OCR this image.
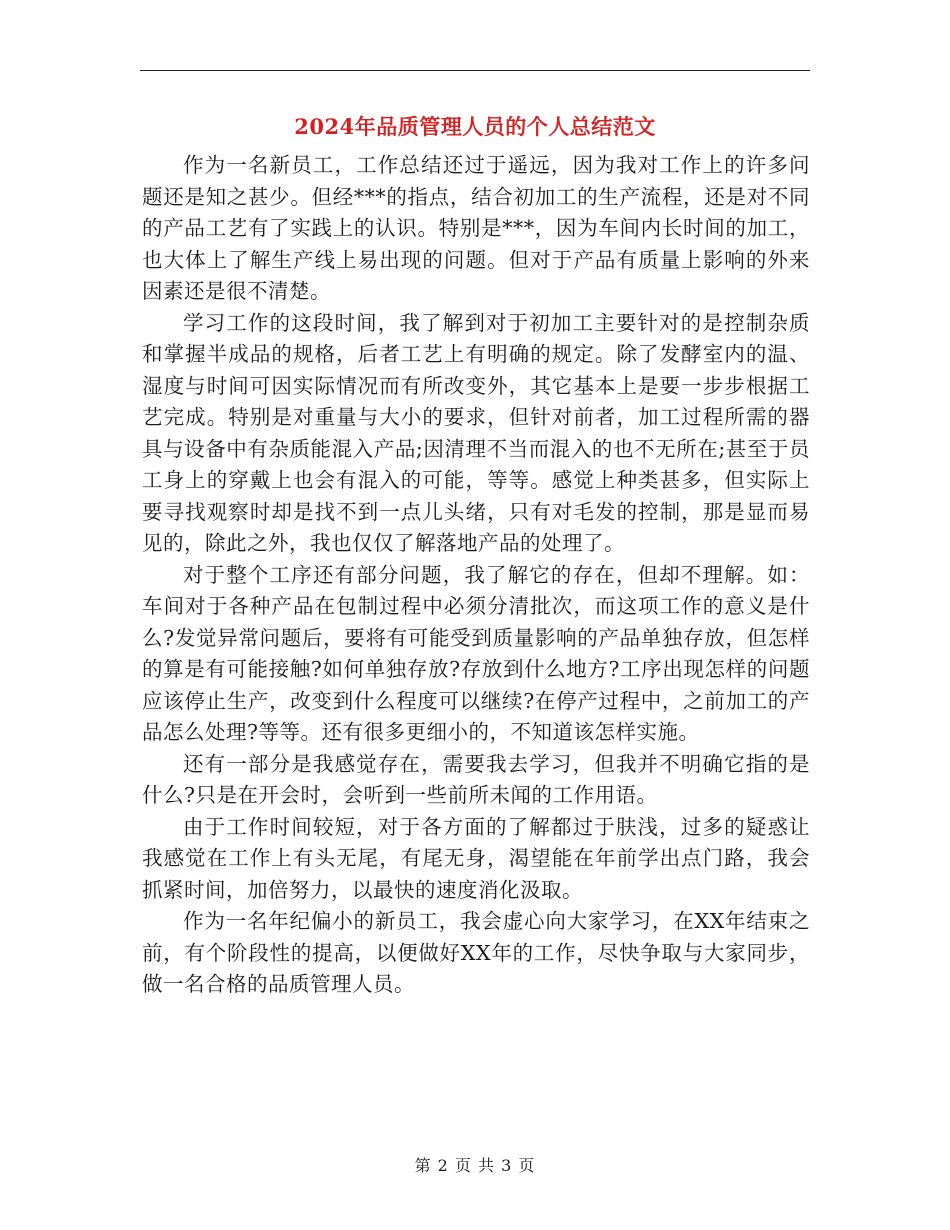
2024年品质管理人员的个人总结范文

作为一名新员工，工作总结还过于遥远，因为我对工作上的许多问题还是知之甚少。但经***的指点，结合初加工的生产流程，还是对不同的产品工艺有了实践上的认识。特别是***，因为车间内长时间的加工，也大体上了解生产线上易出现的问题。但对于产品有质量上影响的外来因素还是很不清楚。

学习工作的这段时间，我了解到对于初加工主要针对的是控制杂质和掌握半成品的规格，后者工艺上有明确的规定。除了发酵室内的温、湿度与时间可因实际情况而有所改变外，其它基本上是要一步步根据工艺完成。特别是对重量与大小的要求，但针对前者，加工过程所需的器具与设备中有杂质能混入产品;因清理不当而混入的也不无所在;甚至于员工身上的穿戴上也会有混入的可能，等等。感觉上种类甚多，但实际上要寻找观察时却是找不到一点儿头绪，只有对毛发的控制，那是显而易见的，除此之外，我也仅仅了解落地产品的处理了。

对于整个工序还有部分问题，我了解它的存在，但却不理解。如：车间对于各种产品在包制过程中必须分清批次，而这项工作的意义是什么?发觉异常问题后，要将有可能受到质量影响的产品单独存放，但怎样的算是有可能接触?如何单独存放?存放到什么地方?工序出现怎样的问题应该停止生产，改变到什么程度可以继续?在停产过程中，之前加工的产品怎么处理?等等。还有很多更细小的，不知道该怎样实施。

还有一部分是我感觉存在，需要我去学习，但我并不明确它指的是什么?只是在开会时，会听到一些前所未闻的工作用语。

由于工作时间较短，对于各方面的了解都过于肤浅，过多的疑惑让我感觉在工作上有头无尾，有尾无身，渴望能在年前学出点门路，我会抓紧时间，加倍努力，以最快的速度消化汲取。

作为一名年纪偏小的新员工，我会虚心向大家学习，在XX年结束之前，有个阶段性的提高，以便做好XX年的工作，尽快争取与大家同步，做一名合格的品质管理人员。

第 2 页 共 3 页
